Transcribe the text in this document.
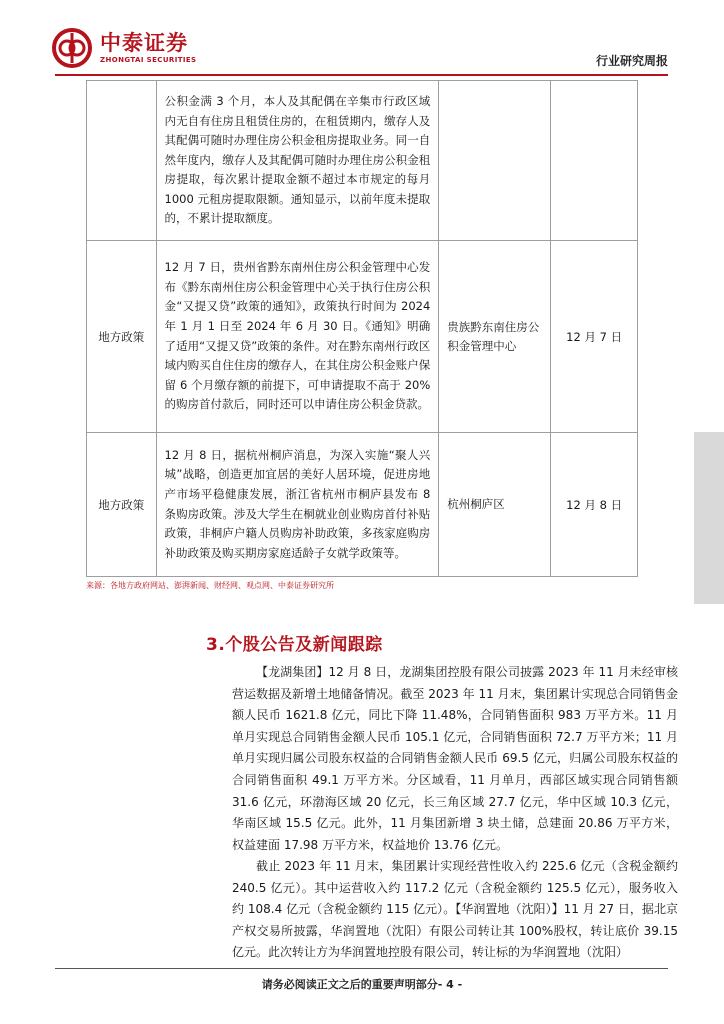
中泰证券
ZHONGTAI SECURITIES	行业研究周报
	公积金满 3 个月，本人及其配偶在辛集市行政区域内无自有住房且租赁住房的，在租赁期内，缴存人及其配偶可随时办理住房公积金租房提取业务。同一自然年度内，缴存人及其配偶可随时办理住房公积金租房提取，每次累计提取金额不超过本市规定的每月 1000 元租房提取限额。通知显示，以前年度未提取的，不累计提取额度。		
地方政策	12 月 7 日，贵州省黔东南州住房公积金管理中心发布《黔东南州住房公积金管理中心关于执行住房公积金“又提又贷”政策的通知》，政策执行时间为 2024 年 1 月 1 日至 2024 年 6 月 30 日。《通知》明确了适用“又提又贷”政策的条件。对在黔东南州行政区域内购买自住住房的缴存人，在其住房公积金账户保留 6 个月缴存额的前提下，可申请提取不高于 20%的购房首付款后，同时还可以申请住房公积金贷款。	贵族黔东南住房公积金管理中心	12 月 7 日
地方政策	12 月 8 日，据杭州桐庐消息，为深入实施“聚人兴城”战略，创造更加宜居的美好人居环境，促进房地产市场平稳健康发展，浙江省杭州市桐庐县发布 8 条购房政策。涉及大学生在桐就业创业购房首付补贴政策，非桐庐户籍人员购房补助政策，多孩家庭购房补助政策及购买期房家庭适龄子女就学政策等。	杭州桐庐区	12 月 8 日
来源：各地方政府网站、澎湃新闻、财经网、观点网、中泰证券研究所
3.个股公告及新闻跟踪

【龙湖集团】12 月 8 日，龙湖集团控股有限公司披露 2023 年 11 月未经审核营运数据及新增土地储备情况。截至 2023 年 11 月末，集团累计实现总合同销售金额人民币 1621.8 亿元，同比下降 11.48%，合同销售面积 983 万平方米。11 月单月实现总合同销售金额人民币 105.1 亿元，合同销售面积 72.7 万平方米；11 月单月实现归属公司股东权益的合同销售金额人民币 69.5 亿元，归属公司股东权益的合同销售面积 49.1 万平方米。分区域看，11 月单月，西部区域实现合同销售额 31.6 亿元，环渤海区域 20 亿元，长三角区域 27.7 亿元，华中区域 10.3 亿元，华南区域 15.5 亿元。此外，11 月集团新增 3 块土储，总建面 20.86 万平方米，权益建面 17.98 万平方米，权益地价 13.76 亿元。

截止 2023 年 11 月末，集团累计实现经营性收入约 225.6 亿元（含税金额约 240.5 亿元）。其中运营收入约 117.2 亿元（含税金额约 125.5 亿元），服务收入约 108.4 亿元（含税金额约 115 亿元）。【华润置地（沈阳）】11 月 27 日，据北京产权交易所披露，华润置地（沈阳）有限公司转让其 100%股权，转让底价 39.15 亿元。此次转让方为华润置地控股有限公司，转让标的为华润置地（沈阳）

请务必阅读正文之后的重要声明部分- 4 -
